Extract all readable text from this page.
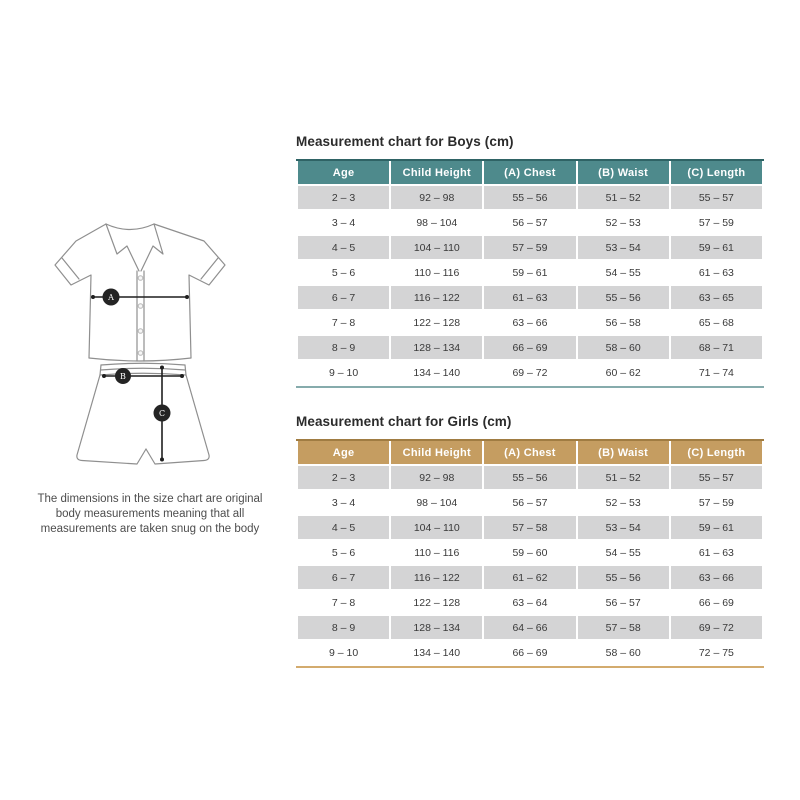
A
B
C

The dimensions in the size chart are original
body measurements meaning that all
measurements are taken snug on the body

Measurement chart for Boys (cm)
Age	Child Height	(A) Chest	(B) Waist	(C) Length
2 – 3	92 – 98	55 – 56	51 – 52	55 – 57
3 – 4	98 – 104	56 – 57	52 – 53	57 – 59
4 – 5	104 – 110	57 – 59	53 – 54	59 – 61
5 – 6	110 – 116	59 – 61	54 – 55	61 – 63
6 – 7	116 – 122	61 – 63	55 – 56	63 – 65
7 – 8	122 – 128	63 – 66	56 – 58	65 – 68
8 – 9	128 – 134	66 – 69	58 – 60	68 – 71
9 – 10	134 – 140	69 – 72	60 – 62	71 – 74
Measurement chart for Girls (cm)
Age	Child Height	(A) Chest	(B) Waist	(C) Length
2 – 3	92 – 98	55 – 56	51 – 52	55 – 57
3 – 4	98 – 104	56 – 57	52 – 53	57 – 59
4 – 5	104 – 110	57 – 58	53 – 54	59 – 61
5 – 6	110 – 116	59 – 60	54 – 55	61 – 63
6 – 7	116 – 122	61 – 62	55 – 56	63 – 66
7 – 8	122 – 128	63 – 64	56 – 57	66 – 69
8 – 9	128 – 134	64 – 66	57 – 58	69 – 72
9 – 10	134 – 140	66 – 69	58 – 60	72 – 75
